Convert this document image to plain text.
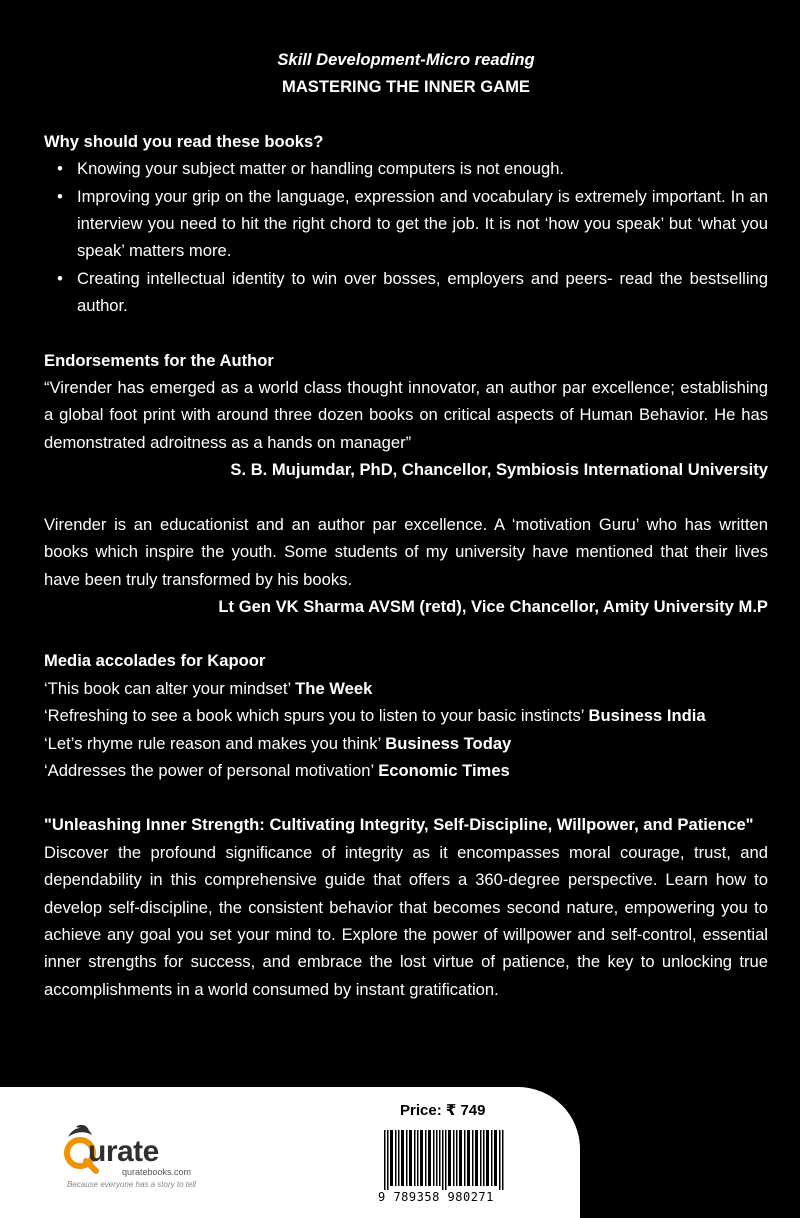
Skill Development-Micro reading
MASTERING THE INNER GAME
Why should you read these books?
• Knowing your subject matter or handling computers is not enough.
• Improving your grip on the language, expression and vocabulary is extremely important. In an interview you need to hit the right chord to get the job. It is not ‘how you speak’ but ‘what you speak’ matters more.
• Creating intellectual identity to win over bosses, employers and peers- read the bestselling author.
Endorsements for the Author
“Virender has emerged as a world class thought innovator, an author par excellence; establishing a global foot print with around three dozen books on critical aspects of Human Behavior. He has demonstrated adroitness as a hands on manager”
S. B. Mujumdar, PhD, Chancellor, Symbiosis International University
Virender is an educationist and an author par excellence. A ‘motivation Guru’ who has written books which inspire the youth. Some students of my university have mentioned that their lives have been truly transformed by his books.
Lt Gen VK Sharma AVSM (retd), Vice Chancellor, Amity University M.P
Media accolades for Kapoor
‘This book can alter your mindset’ The Week
‘Refreshing to see a book which spurs you to listen to your basic instincts’ Business India
‘Let’s rhyme rule reason and makes you think’ Business Today
‘Addresses the power of personal motivation’ Economic Times
"Unleashing Inner Strength: Cultivating Integrity, Self-Discipline, Willpower, and Patience"
Discover the profound significance of integrity as it encompasses moral courage, trust, and dependability in this comprehensive guide that offers a 360-degree perspective. Learn how to develop self-discipline, the consistent behavior that becomes second nature, empowering you to achieve any goal you set your mind to. Explore the power of willpower and self-control, essential inner strengths for success, and embrace the lost virtue of patience, the key to unlocking true accomplishments in a world consumed by instant gratification.
urate
quratebooks.com
Because everyone has a story to tell
Price: ₹ 749
9 789358 980271
